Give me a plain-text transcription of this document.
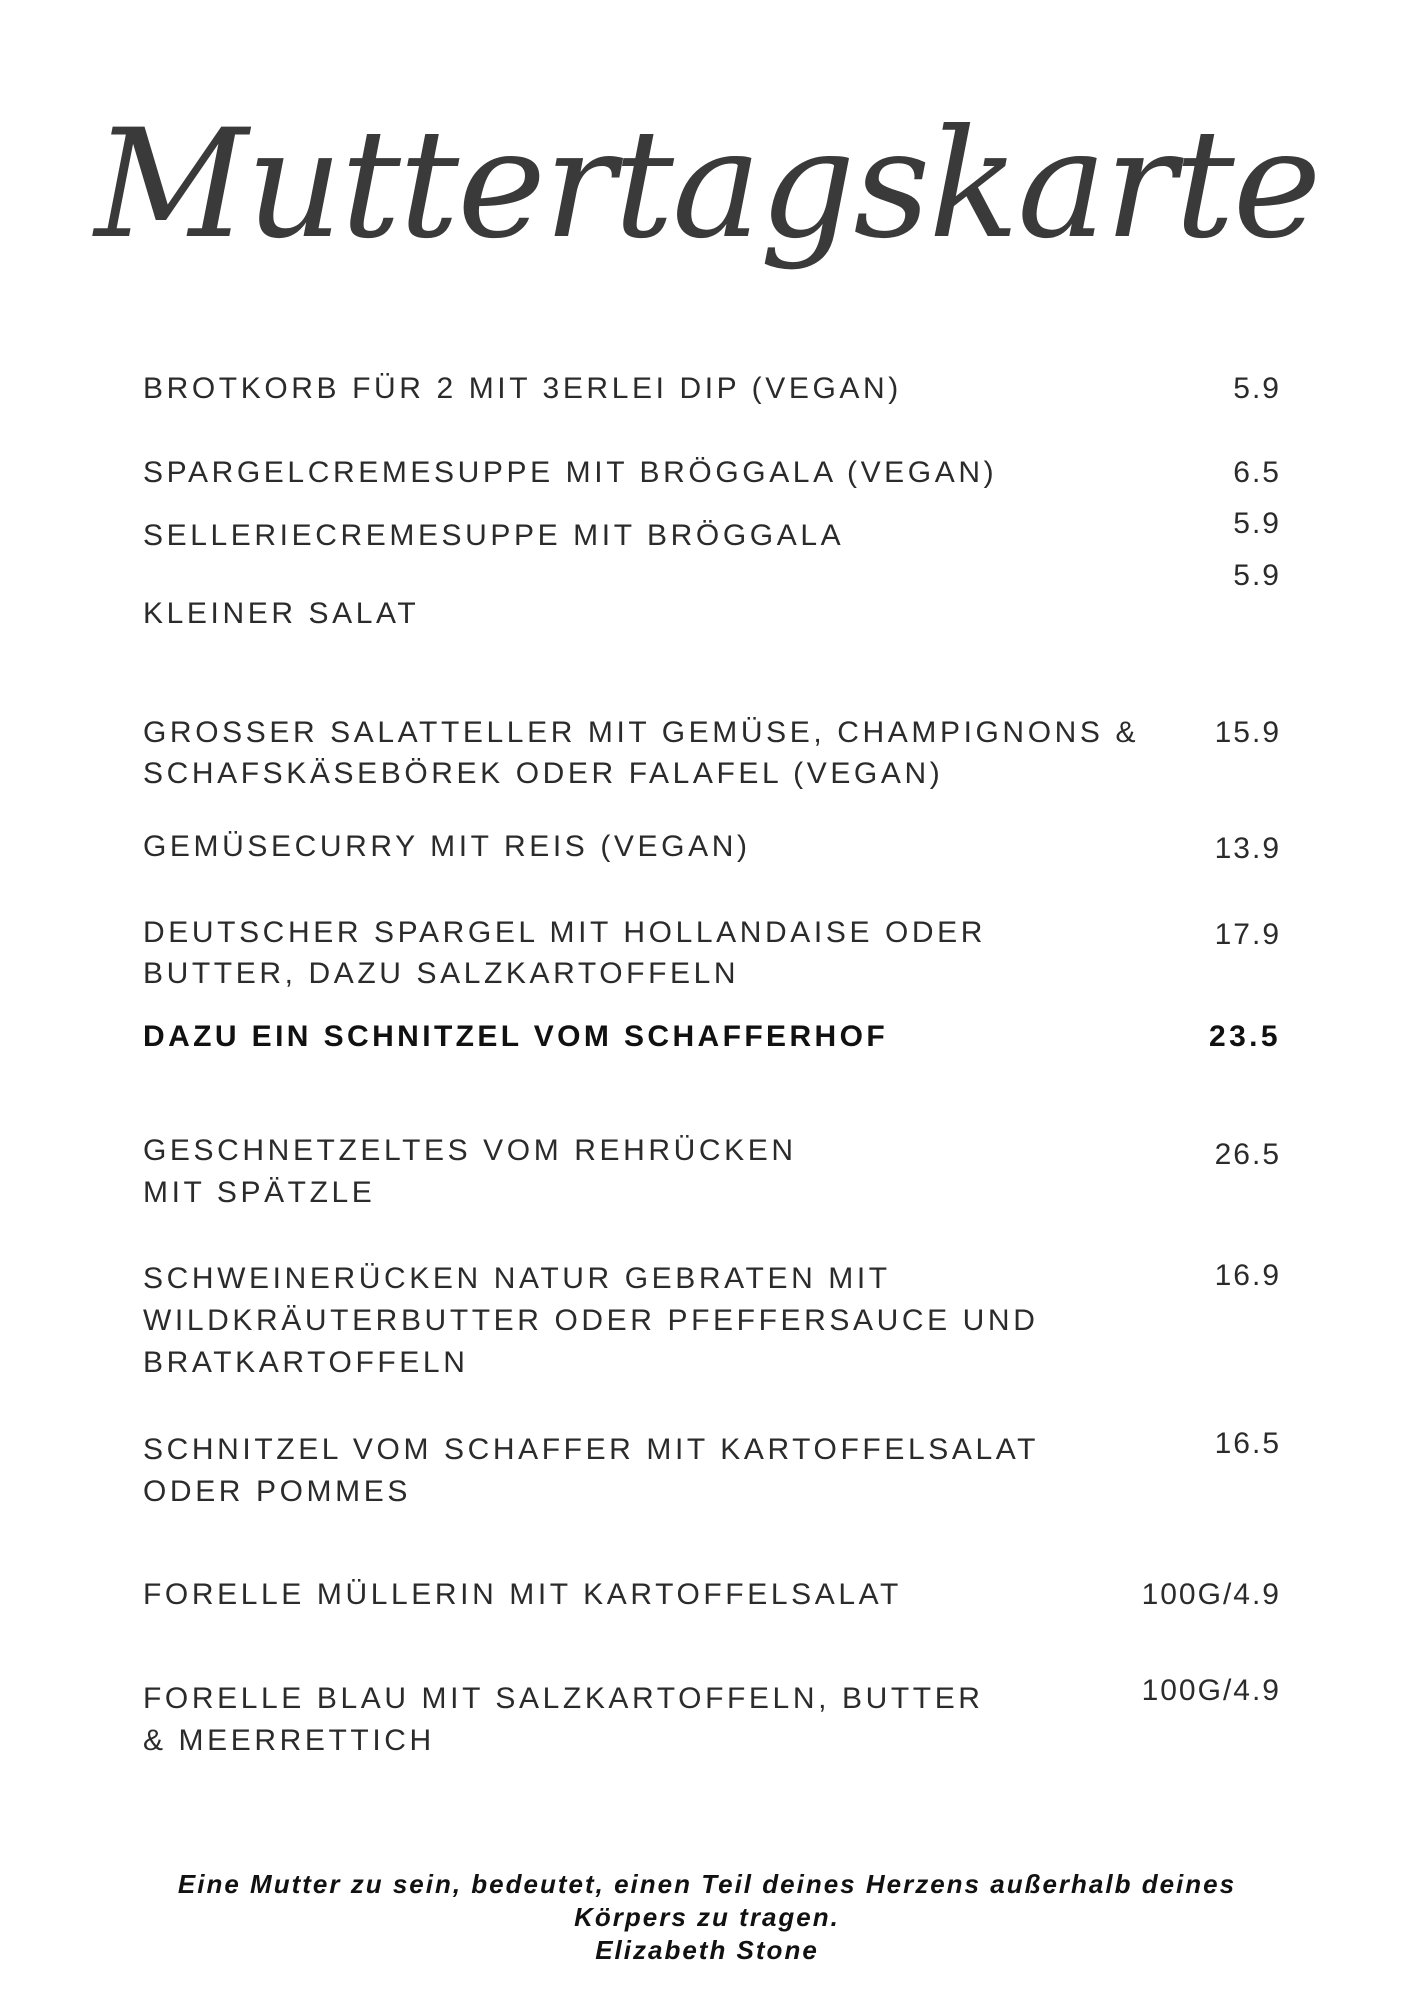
Muttertagskarte
BROTKORB FÜR 2 MIT 3ERLEI DIP (VEGAN)	5.9
SPARGELCREMESUPPE MIT BRÖGGALA (VEGAN)	6.5
SELLERIECREMESUPPE MIT BRÖGGALA	5.9
KLEINER SALAT
5.9
GROSSER SALATTELLER MIT GEMÜSE, CHAMPIGNONS &
SCHAFSKÄSEBÖREK ODER FALAFEL (VEGAN)
15.9
GEMÜSECURRY MIT REIS (VEGAN)	13.9
DEUTSCHER SPARGEL MIT HOLLANDAISE ODER
BUTTER, DAZU SALZKARTOFFELN
17.9
DAZU EIN SCHNITZEL VOM SCHAFFERHOF	23.5
GESCHNETZELTES VOM REHRÜCKEN
MIT SPÄTZLE
26.5
SCHWEINERÜCKEN NATUR GEBRATEN MIT
WILDKRÄUTERBUTTER ODER PFEFFERSAUCE UND
BRATKARTOFFELN
16.9
SCHNITZEL VOM SCHAFFER MIT KARTOFFELSALAT
ODER POMMES
16.5
FORELLE MÜLLERIN MIT KARTOFFELSALAT	100G/4.9
FORELLE BLAU MIT SALZKARTOFFELN, BUTTER
& MEERRETTICH
100G/4.9
Eine Mutter zu sein, bedeutet, einen Teil deines Herzens außerhalb deines
Körpers zu tragen.
Elizabeth Stone
